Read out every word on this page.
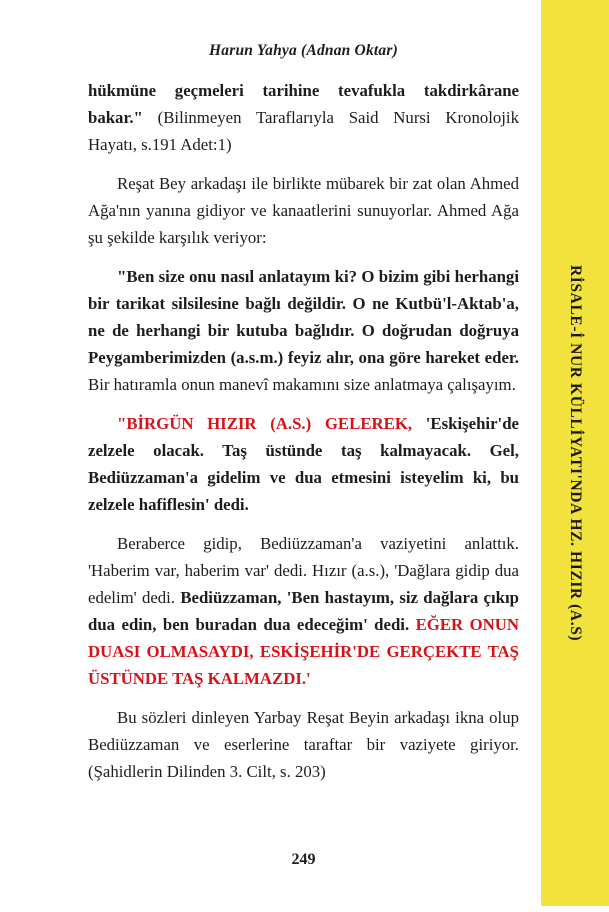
Harun Yahya (Adnan Oktar)

hükmüne geçmeleri tarihine tevafukla takdirkârane bakar." (Bilinmeyen Taraflarıyla Said Nursi Kronolojik Hayatı, s.191 Adet:1)

Reşat Bey arkadaşı ile birlikte mübarek bir zat olan Ahmed Ağa'nın yanına gidiyor ve kanaatlerini sunuyorlar. Ahmed Ağa şu şekilde karşılık veriyor:

"Ben size onu nasıl anlatayım ki? O bizim gibi herhangi bir tarikat silsilesine bağlı değildir. O ne Kutbü'l-Aktab'a, ne de herhangi bir kutuba bağlıdır. O doğrudan doğruya Peygamberimizden (a.s.m.) feyiz alır, ona göre hareket eder. Bir hatıramla onun manevî makamını size anlatmaya çalışayım.

"BİRGÜN HIZIR (A.S.) GELEREK, 'Eskişehir'de zelzele olacak. Taş üstünde taş kalmayacak. Gel, Bediüzzaman'a gidelim ve dua etmesini isteyelim ki, bu zelzele hafiflesin' dedi.

Beraberce gidip, Bediüzzaman'a vaziyetini anlattık. 'Haberim var, haberim var' dedi. Hızır (a.s.), 'Dağlara gidip dua edelim' dedi. Bediüzzaman, 'Ben hastayım, siz dağlara çıkıp dua edin, ben buradan dua edeceğim' dedi. EĞER ONUN DUASI OLMASAYDI, ESKİŞEHİR'DE GERÇEKTE TAŞ ÜSTÜNDE TAŞ KALMAZDI.'

Bu sözleri dinleyen Yarbay Reşat Beyin arkadaşı ikna olup Bediüzzaman ve eserlerine taraftar bir vaziyete giriyor. (Şahidlerin Dilinden 3. Cilt, s. 203)

249
RİSALE-İ NUR KÜLLİYATI'NDA HZ. HIZIR (A.S)
